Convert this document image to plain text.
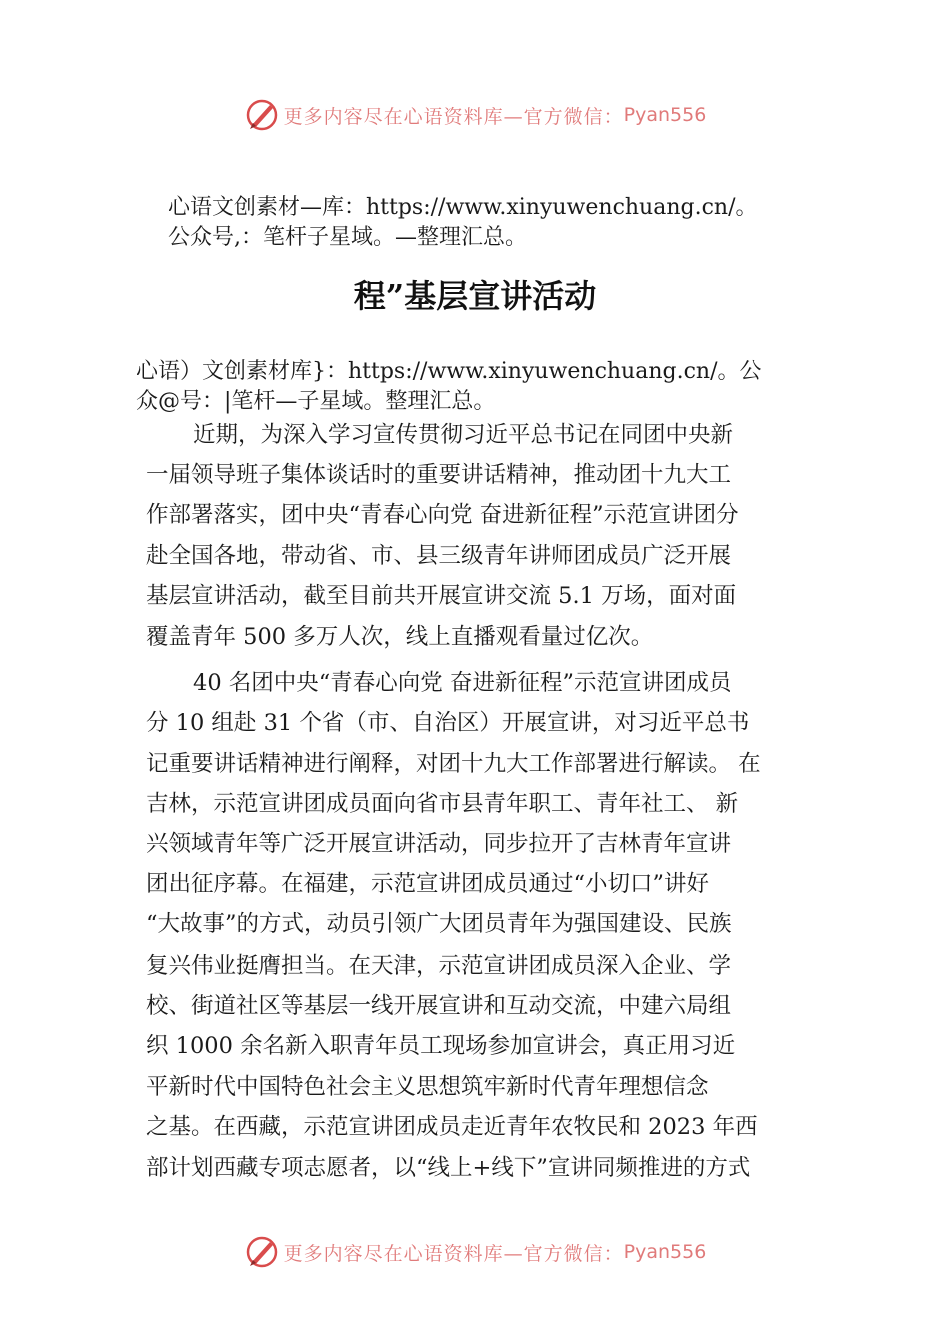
更多内容尽在心语资料库—官方微信： Pyan556
心语文创素材—库：https://www.xinyuwenchuang.cn/。
公众号,：笔杆子星域。—整理汇总。
程”基层宣讲活动
心语）文创素材库}：https://www.xinyuwenchuang.cn/。公
众@号：|笔杆—子星域。整理汇总。
近期，为深入学习宣传贯彻习近平总书记在同团中央新
一届领导班子集体谈话时的重要讲话精神，推动团十九大工
作部署落实，团中央“青春心向党 奋进新征程”示范宣讲团分
赴全国各地，带动省、市、县三级青年讲师团成员广泛开展
基层宣讲活动，截至目前共开展宣讲交流 5.1 万场，面对面
覆盖青年 500 多万人次，线上直播观看量过亿次。
40 名团中央“青春心向党 奋进新征程”示范宣讲团成员
分 10 组赴 31 个省（市、自治区）开展宣讲，对习近平总书
记重要讲话精神进行阐释，对团十九大工作部署进行解读。 在
吉林，示范宣讲团成员面向省市县青年职工、青年社工、 新
兴领域青年等广泛开展宣讲活动，同步拉开了吉林青年宣讲
团出征序幕。在福建，示范宣讲团成员通过“小切口”讲好
“大故事”的方式，动员引领广大团员青年为强国建设、民族
复兴伟业挺膺担当。在天津，示范宣讲团成员深入企业、学
校、街道社区等基层一线开展宣讲和互动交流，中建六局组
织 1000 余名新入职青年员工现场参加宣讲会，真正用习近
平新时代中国特色社会主义思想筑牢新时代青年理想信念
之基。在西藏，示范宣讲团成员走近青年农牧民和 2023 年西
部计划西藏专项志愿者，以“线上+线下”宣讲同频推进的方式
更多内容尽在心语资料库—官方微信： Pyan556
